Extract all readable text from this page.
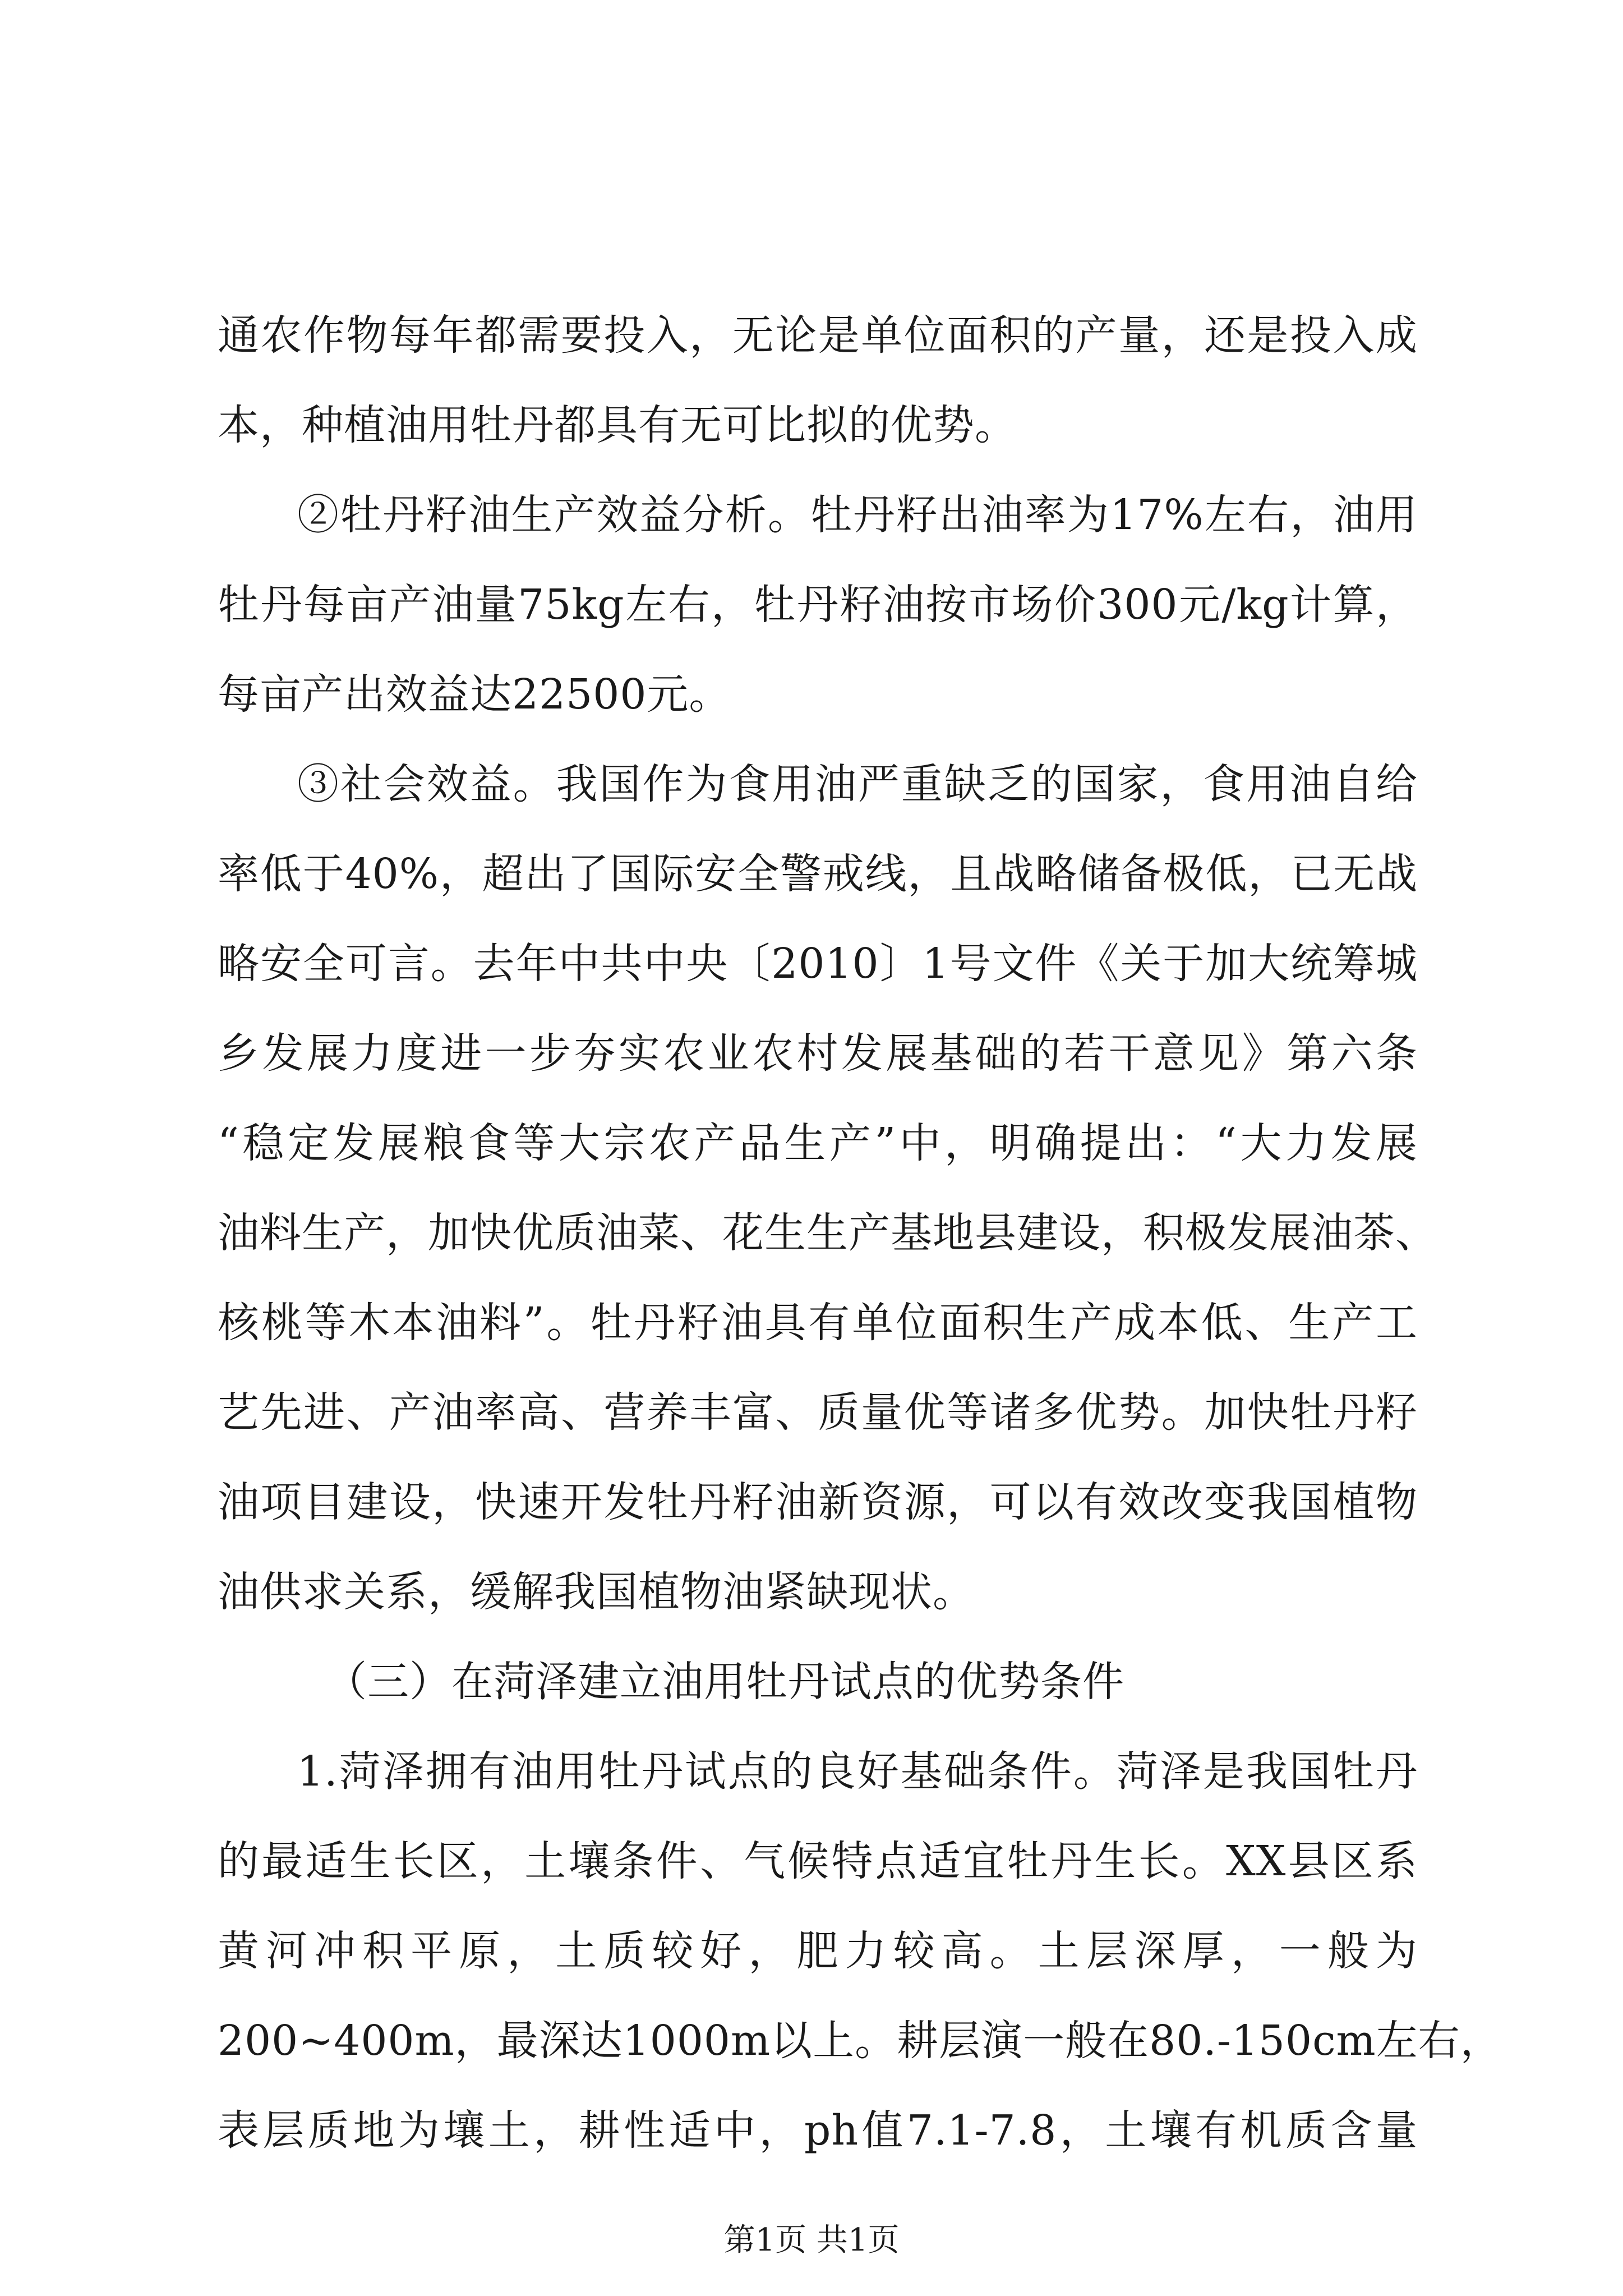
通农作物每年都需要投入，无论是单位面积的产量，还是投入成
本，种植油用牡丹都具有无可比拟的优势。
②牡丹籽油生产效益分析。牡丹籽出油率为17%左右，油用
牡丹每亩产油量75kg左右，牡丹籽油按市场价300元/kg计算，
每亩产出效益达22500元。
③社会效益。我国作为食用油严重缺乏的国家，食用油自给
率低于40%，超出了国际安全警戒线，且战略储备极低，已无战
略安全可言。去年中共中央〔2010〕1号文件《关于加大统筹城
乡发展力度进一步夯实农业农村发展基础的若干意见》第六条
“稳定发展粮食等大宗农产品生产”中，明确提出：“大力发展
油料生产，加快优质油菜、花生生产基地县建设，积极发展油茶、
核桃等木本油料”。牡丹籽油具有单位面积生产成本低、生产工
艺先进、产油率高、营养丰富、质量优等诸多优势。加快牡丹籽
油项目建设，快速开发牡丹籽油新资源，可以有效改变我国植物
油供求关系，缓解我国植物油紧缺现状。
（三）在菏泽建立油用牡丹试点的优势条件
1.菏泽拥有油用牡丹试点的良好基础条件。菏泽是我国牡丹
的最适生长区，土壤条件、气候特点适宜牡丹生长。XX县区系
黄河冲积平原，土质较好，肥力较高。土层深厚，一般为
200~400m，最深达1000m以上。耕层演一般在80.-150cm左右，
表层质地为壤土，耕性适中，ph值7.1-7.8，土壤有机质含量
第1页 共1页
